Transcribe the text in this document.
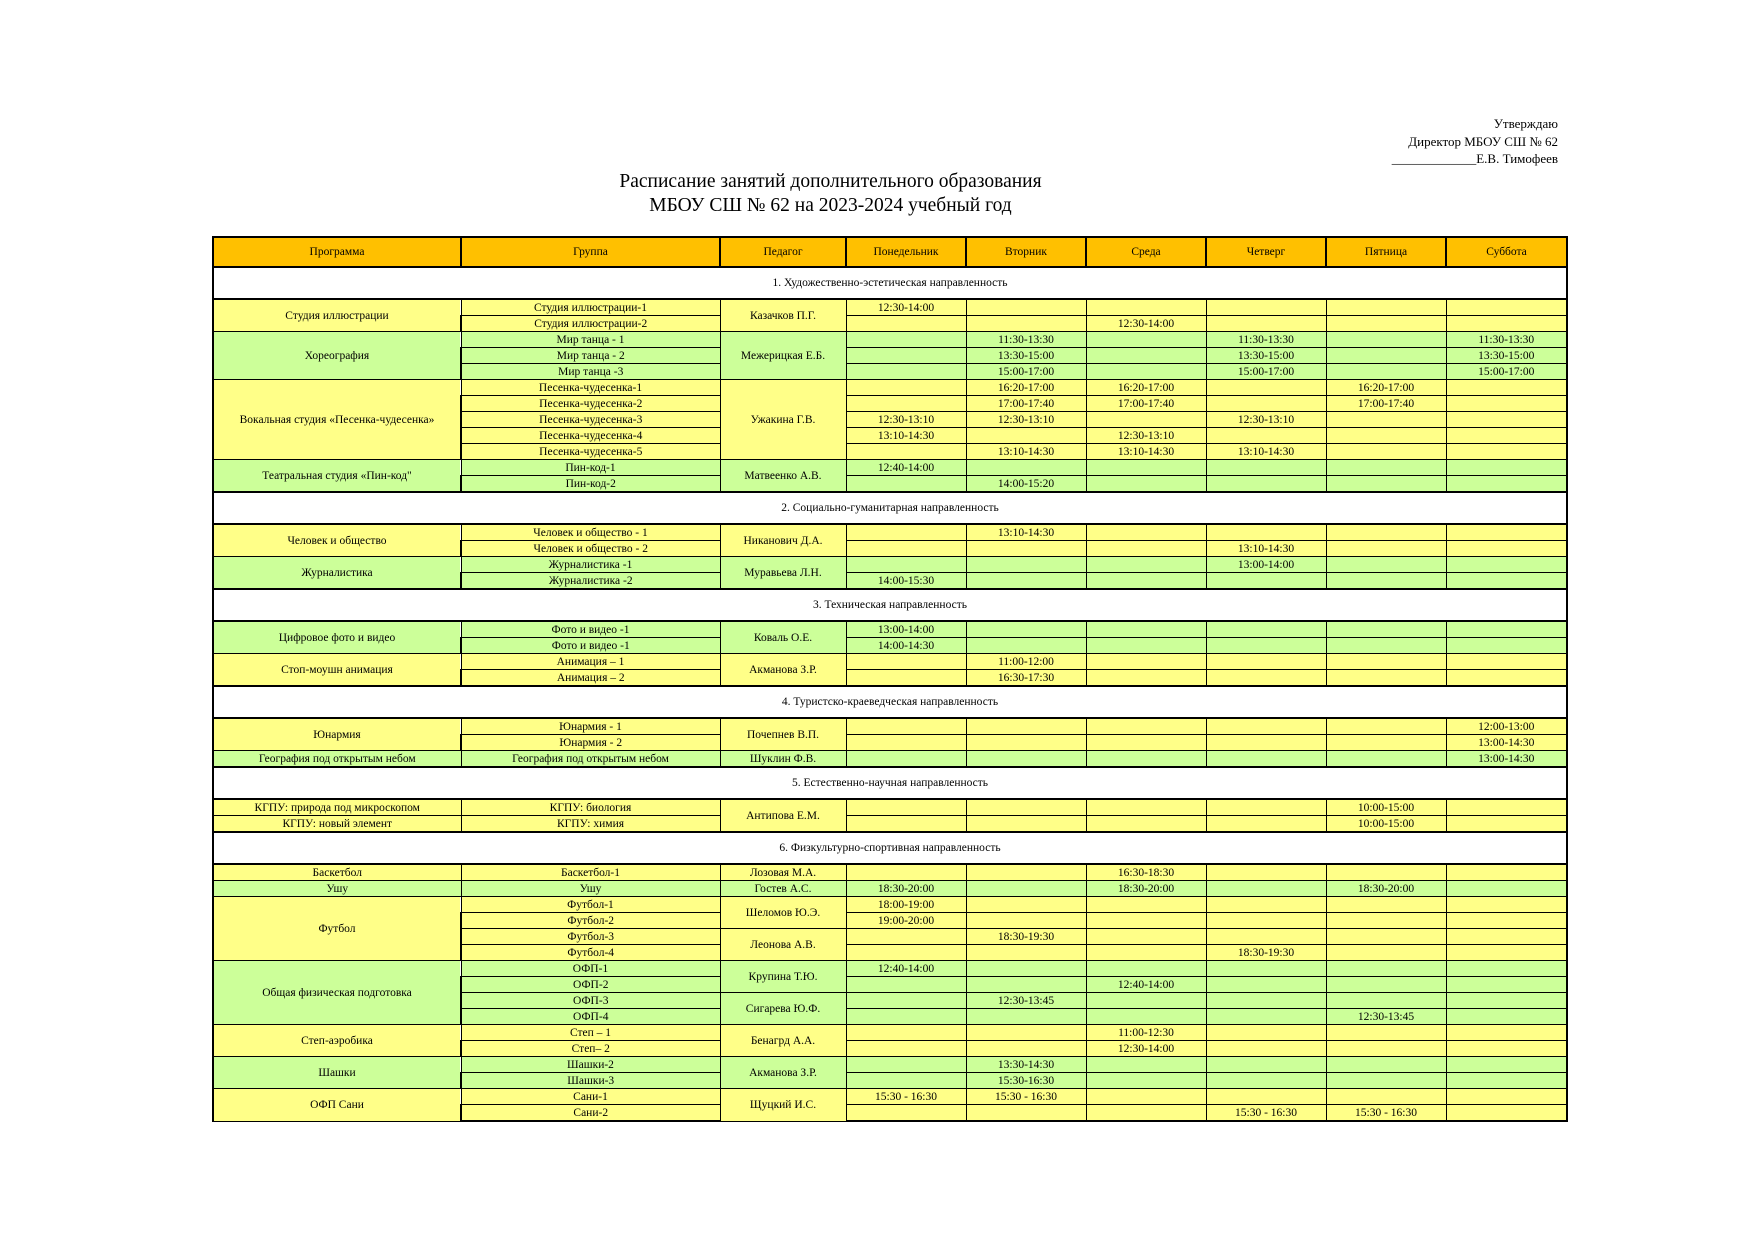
Утверждаю
Директор МБОУ СШ № 62
_____________Е.В. Тимофеев
Расписание занятий дополнительного образования
МБОУ СШ № 62 на 2023-2024 учебный год
Программа	Группа	Педагог	Понедельник	Вторник	Среда	Четверг	Пятница	Суббота
1. Художественно-эстетическая направленность								
Студия иллюстрации	Студия иллюстрации-1	Казачков П.Г.	12:30-14:00					
	Студия иллюстрации-2				12:30-14:00			
Хореография	Мир танца - 1	Межерицкая Е.Б.		11:30-13:30		11:30-13:30		11:30-13:30
	Мир танца - 2			13:30-15:00		13:30-15:00		13:30-15:00
	Мир танца -3			15:00-17:00		15:00-17:00		15:00-17:00
Вокальная студия «Песенка-чудесенка»	Песенка-чудесенка-1	Ужакина Г.В.		16:20-17:00	16:20-17:00		16:20-17:00	
	Песенка-чудесенка-2			17:00-17:40	17:00-17:40		17:00-17:40	
	Песенка-чудесенка-3		12:30-13:10	12:30-13:10		12:30-13:10		
	Песенка-чудесенка-4		13:10-14:30		12:30-13:10			
	Песенка-чудесенка-5			13:10-14:30	13:10-14:30	13:10-14:30		
Театральная студия «Пин-код"	Пин-код-1	Матвеенко А.В.	12:40-14:00					
	Пин-код-2			14:00-15:20				
2. Социально-гуманитарная направленность								
Человек и общество	Человек и общество - 1	Никанович Д.А.		13:10-14:30				
	Человек и общество - 2					13:10-14:30		
Журналистика	Журналистика -1	Муравьева Л.Н.				13:00-14:00		
	Журналистика -2		14:00-15:30					
3. Техническая направленность								
Цифровое фото и видео	Фото и видео -1	Коваль О.Е.	13:00-14:00					
	Фото и видео -1		14:00-14:30					
Стоп-моушн анимация	Анимация – 1	Акманова З.Р.		11:00-12:00				
	Анимация – 2			16:30-17:30				
4. Туристско-краеведческая направленность								
Юнармия	Юнармия - 1	Почепнев В.П.						12:00-13:00
	Юнармия - 2							13:00-14:30
География под открытым небом	География под открытым небом	Шуклин Ф.В.						13:00-14:30
5. Естественно-научная направленность								
КГПУ: природа под микроскопом	КГПУ: биология	Антипова Е.М.					10:00-15:00	
КГПУ: новый элемент	КГПУ: химия						10:00-15:00	
6. Физкультурно-спортивная направленность								
Баскетбол	Баскетбол-1	Лозовая М.А.			16:30-18:30			
Ушу	Ушу	Гостев А.С.	18:30-20:00		18:30-20:00		18:30-20:00	
Футбол	Футбол-1	Шеломов Ю.Э.	18:00-19:00					
	Футбол-2		19:00-20:00					
	Футбол-3	Леонова А.В.		18:30-19:30				
	Футбол-4					18:30-19:30		
Общая физическая подготовка	ОФП-1	Крупина Т.Ю.	12:40-14:00					
	ОФП-2				12:40-14:00			
	ОФП-3	Сигарева Ю.Ф.		12:30-13:45				
	ОФП-4						12:30-13:45	
Степ-аэробика	Степ – 1	Бенагрд А.А.			11:00-12:30			
	Степ– 2				12:30-14:00			
Шашки	Шашки-2	Акманова З.Р.		13:30-14:30				
	Шашки-3			15:30-16:30				
ОФП Сани	Сани-1	Щуцкий И.С.	15:30 - 16:30	15:30 - 16:30				
	Сани-2					15:30 - 16:30	15:30 - 16:30	
